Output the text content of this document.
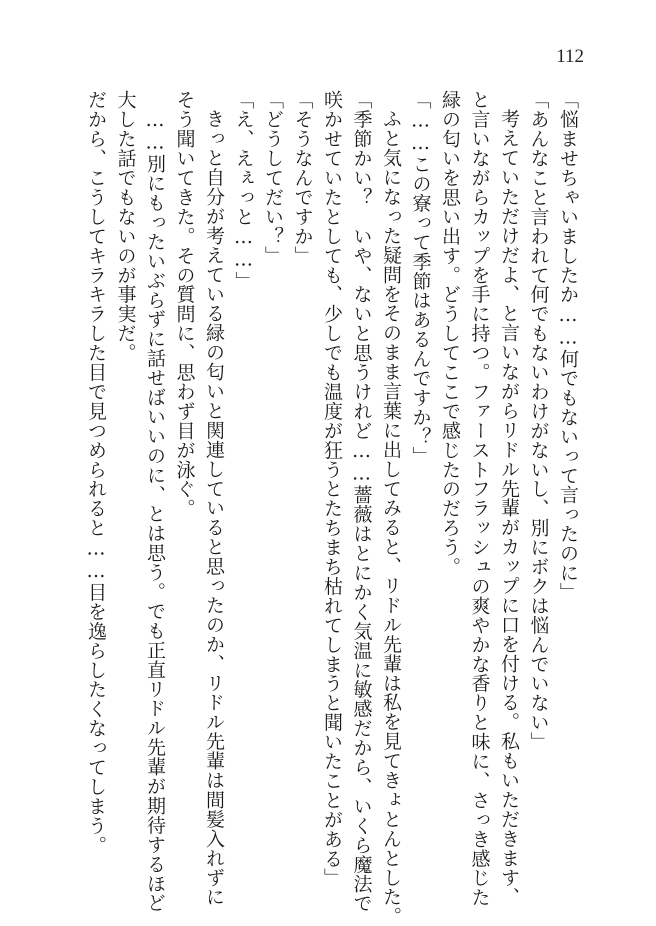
112

「悩ませちゃいましたか……何でもないって言ったのに」

「あんなこと言われて何でもないわけがないし、別にボクは悩んでいない」

考えていただけだよ、と言いながらリドル先輩がカップに口を付ける。私もいただきます、

と言いながらカップを手に持つ。ファーストフラッシュの爽やかな香りと味に、さっき感じた

緑の匂いを思い出す。どうしてここで感じたのだろう。

「……この寮って季節はあるんですか？」

ふと気になった疑問をそのまま言葉に出してみると、リドル先輩は私を見てきょとんとした。

「季節かい？　いや、ないと思うけれど……薔薇はとにかく気温に敏感だから、いくら魔法で

咲かせていたとしても、少しでも温度が狂うとたちまち枯れてしまうと聞いたことがある」

「そうなんですか」

「どうしてだい？」

「え、えぇっと……」

きっと自分が考えている緑の匂いと関連していると思ったのか、リドル先輩は間髪入れずに

そう聞いてきた。その質問に、思わず目が泳ぐ。

……別にもったいぶらずに話せばいいのに、とは思う。でも正直リドル先輩が期待するほど

大した話でもないのが事実だ。

だから、こうしてキラキラした目で見つめられると……目を逸らしたくなってしまう。
